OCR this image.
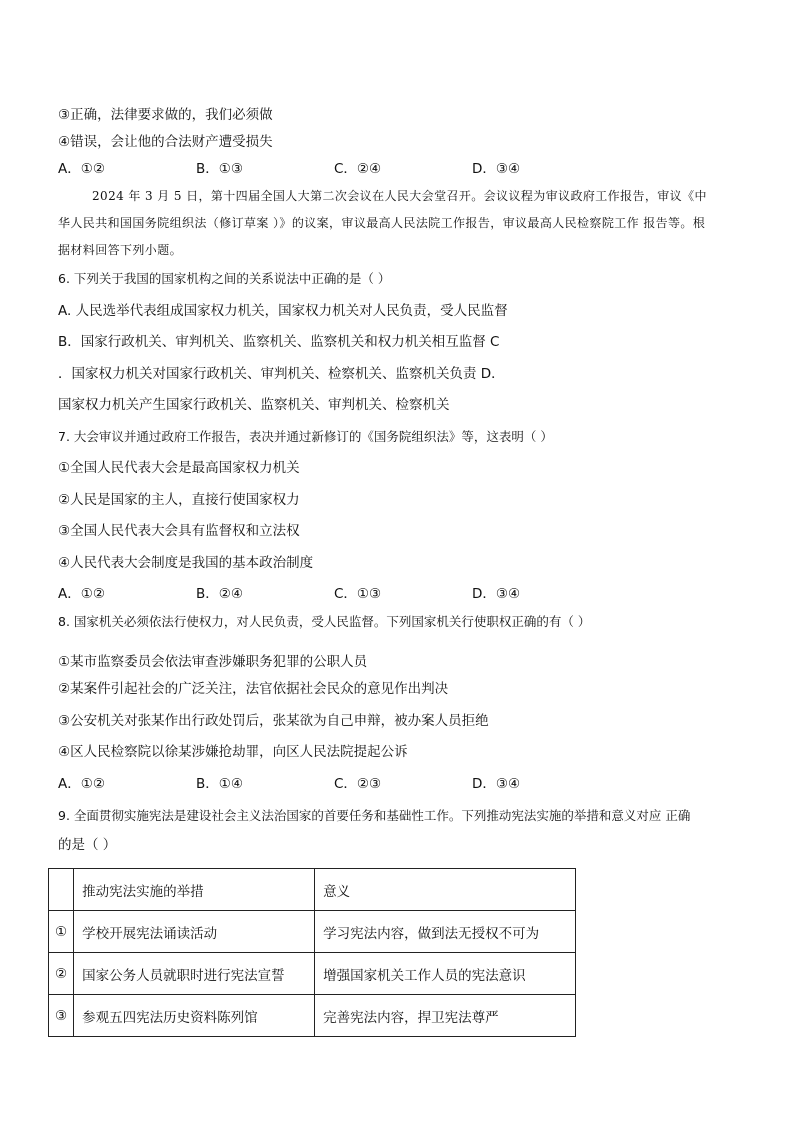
③正确，法律要求做的，我们必须做
④错误，会让他的合法财产遭受损失
A．①②	B．①③	C．②④	D．③④
2024 年 3 月 5 日，第十四届全国人大第二次会议在人民大会堂召开。会议议程为审议政府工作报告，审议《中
华人民共和国国务院组织法（修订草案 ）》的议案，审议最高人民法院工作报告，审议最高人民检察院工作 报告等。根
据材料回答下列小题。
6. 下列关于我国的国家机构之间的关系说法中正确的是（ ）
A. 人民选举代表组成国家权力机关，国家权力机关对人民负责，受人民监督
B．国家行政机关、审判机关、监察机关、监察机关和权力机关相互监督 C
．国家权力机关对国家行政机关、审判机关、检察机关、监察机关负责 D．
国家权力机关产生国家行政机关、监察机关、审判机关、检察机关
7. 大会审议并通过政府工作报告，表决并通过新修订的《国务院组织法》等，这表明（ ）
①全国人民代表大会是最高国家权力机关
②人民是国家的主人，直接行使国家权力
③全国人民代表大会具有监督权和立法权
④人民代表大会制度是我国的基本政治制度
A．①②	B．②④	C．①③	D．③④
8. 国家机关必须依法行使权力，对人民负责，受人民监督。下列国家机关行使职权正确的有（ ）
①某市监察委员会依法审查涉嫌职务犯罪的公职人员
②某案件引起社会的广泛关注，法官依据社会民众的意见作出判决
③公安机关对张某作出行政处罚后，张某欲为自己申辩，被办案人员拒绝
④区人民检察院以徐某涉嫌抢劫罪，向区人民法院提起公诉
A．①②	B．①④	C．②③	D．③④
9. 全面贯彻实施宪法是建设社会主义法治国家的首要任务和基础性工作。下列推动宪法实施的举措和意义对应 正确
的是（ ）
	推动宪法实施的举措	意义
①	学校开展宪法诵读活动	学习宪法内容，做到法无授权不可为
②	国家公务人员就职时进行宪法宣誓	增强国家机关工作人员的宪法意识
③	参观五四宪法历史资料陈列馆	完善宪法内容，捍卫宪法尊严
